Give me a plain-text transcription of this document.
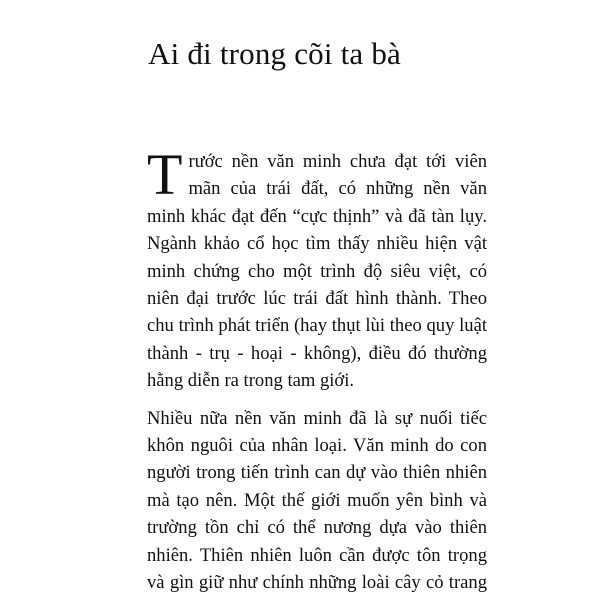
Ai đi trong cõi ta bà

T rước nền văn minh chưa đạt tới viên
mãn của trái đất, có những nền văn
minh khác đạt đến “cực thịnh” và đã tàn lụy.
Ngành khảo cổ học tìm thấy nhiều hiện vật
minh chứng cho một trình độ siêu việt, có
niên đại trước lúc trái đất hình thành. Theo
chu trình phát triển (hay thụt lùi theo quy luật
thành - trụ - hoại - không), điều đó thường
hằng diễn ra trong tam giới.

Nhiều nữa nền văn minh đã là sự nuối tiếc
khôn nguôi của nhân loại. Văn minh do con
người trong tiến trình can dự vào thiên nhiên
mà tạo nên. Một thế giới muốn yên bình và
trường tồn chỉ có thể nương dựa vào thiên
nhiên. Thiên nhiên luôn cần được tôn trọng
và gìn giữ như chính những loài cây cỏ trang
